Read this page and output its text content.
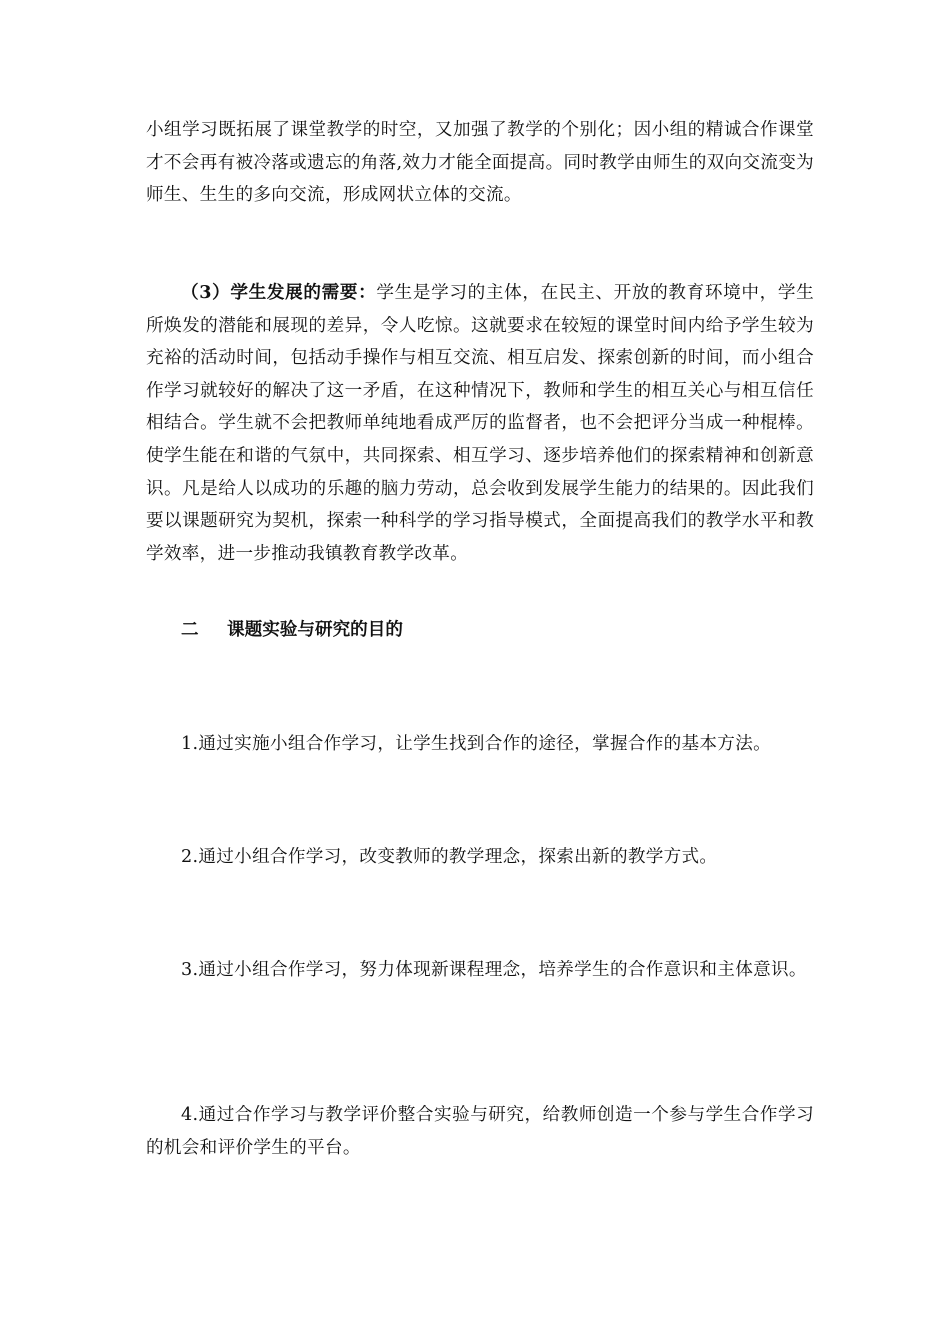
小组学习既拓展了课堂教学的时空，又加强了教学的个别化；因小组的精诚合作课堂才不会再有被冷落或遗忘的角落,效力才能全面提高。同时教学由师生的双向交流变为师生、生生的多向交流，形成网状立体的交流。

（3）学生发展的需要：学生是学习的主体，在民主、开放的教育环境中，学生所焕发的潜能和展现的差异，令人吃惊。这就要求在较短的课堂时间内给予学生较为充裕的活动时间，包括动手操作与相互交流、相互启发、探索创新的时间，而小组合作学习就较好的解决了这一矛盾，在这种情况下，教师和学生的相互关心与相互信任相结合。学生就不会把教师单纯地看成严厉的监督者，也不会把评分当成一种棍棒。使学生能在和谐的气氛中，共同探索、相互学习、逐步培养他们的探索精神和创新意识。凡是给人以成功的乐趣的脑力劳动，总会收到发展学生能力的结果的。因此我们要以课题研究为契机，探索一种科学的学习指导模式，全面提高我们的教学水平和教学效率，进一步推动我镇教育教学改革。

二 课题实验与研究的目的

1.通过实施小组合作学习，让学生找到合作的途径，掌握合作的基本方法。

2.通过小组合作学习，改变教师的教学理念，探索出新的教学方式。

3.通过小组合作学习，努力体现新课程理念，培养学生的合作意识和主体意识。

4.通过合作学习与教学评价整合实验与研究，给教师创造一个参与学生合作学习的机会和评价学生的平台。
